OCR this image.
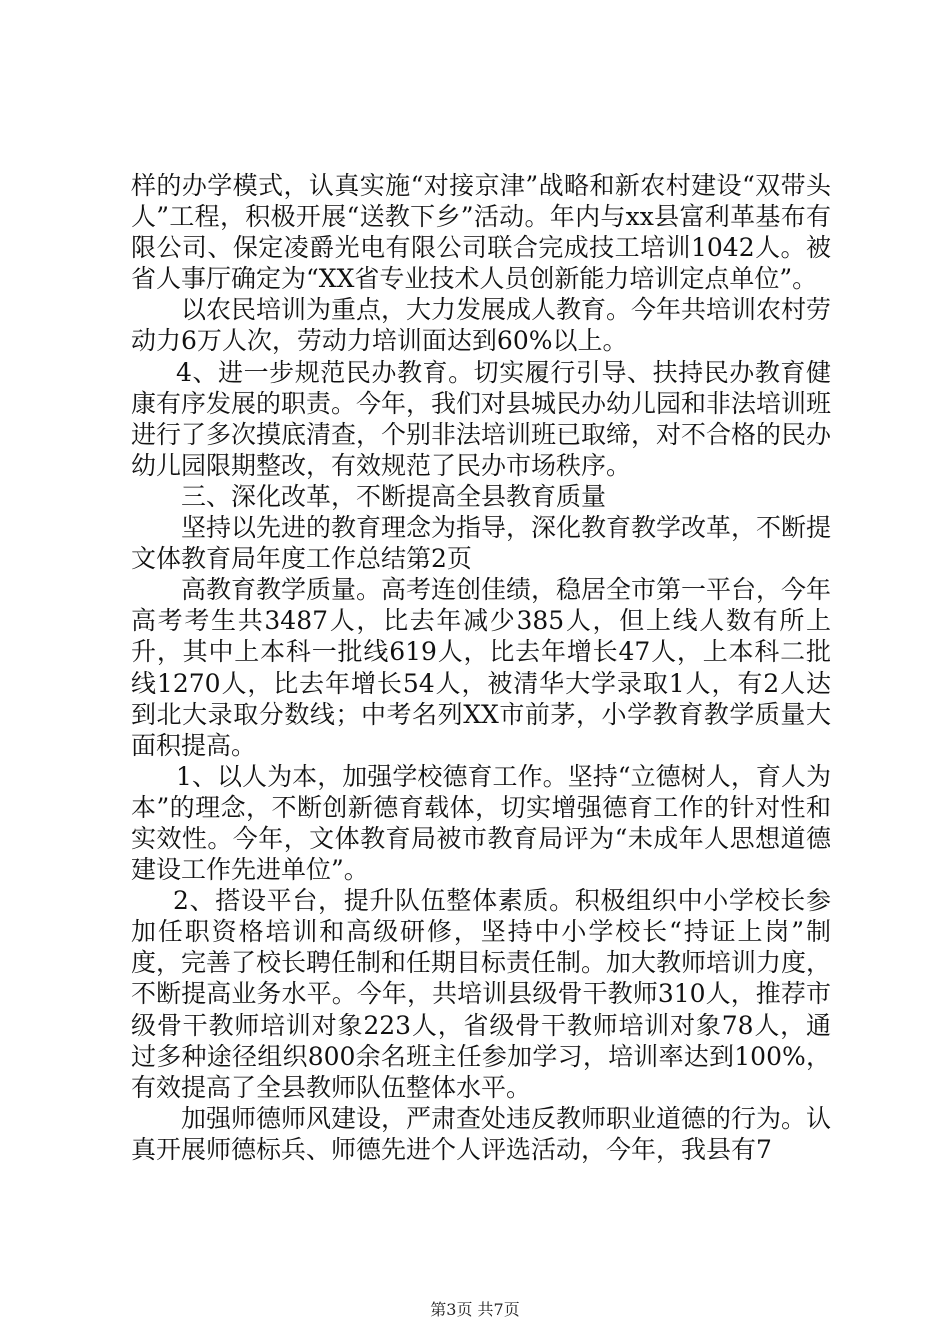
样的办学模式，认真实施“对接京津”战略和新农村建设“双带头人”工程，积极开展“送教下乡”活动。年内与xx县富利革基布有限公司、保定凌爵光电有限公司联合完成技工培训1042人。被省人事厅确定为“XX省专业技术人员创新能力培训定点单位”。

以农民培训为重点，大力发展成人教育。今年共培训农村劳动力6万人次，劳动力培训面达到60%以上。

4、进一步规范民办教育。切实履行引导、扶持民办教育健康有序发展的职责。今年，我们对县城民办幼儿园和非法培训班进行了多次摸底清查，个别非法培训班已取缔，对不合格的民办幼儿园限期整改，有效规范了民办市场秩序。

三、深化改革，不断提高全县教育质量

坚持以先进的教育理念为指导，深化教育教学改革，不断提文体教育局年度工作总结第2页

高教育教学质量。高考连创佳绩，稳居全市第一平台，今年高考考生共3487人，比去年减少385人，但上线人数有所上升，其中上本科一批线619人，比去年增长47人，上本科二批线1270人，比去年增长54人，被清华大学录取1人，有2人达到北大录取分数线；中考名列XX市前茅，小学教育教学质量大面积提高。

1、以人为本，加强学校德育工作。坚持“立德树人，育人为本”的理念，不断创新德育载体，切实增强德育工作的针对性和实效性。今年，文体教育局被市教育局评为“未成年人思想道德建设工作先进单位”。

2、搭设平台，提升队伍整体素质。积极组织中小学校长参加任职资格培训和高级研修，坚持中小学校长“持证上岗”制度，完善了校长聘任制和任期目标责任制。加大教师培训力度，不断提高业务水平。今年，共培训县级骨干教师310人，推荐市级骨干教师培训对象223人，省级骨干教师培训对象78人，通过多种途径组织800余名班主任参加学习，培训率达到100%，有效提高了全县教师队伍整体水平。

加强师德师风建设，严肃查处违反教师职业道德的行为。认真开展师德标兵、师德先进个人评选活动，今年，我县有7

第3页 共7页
